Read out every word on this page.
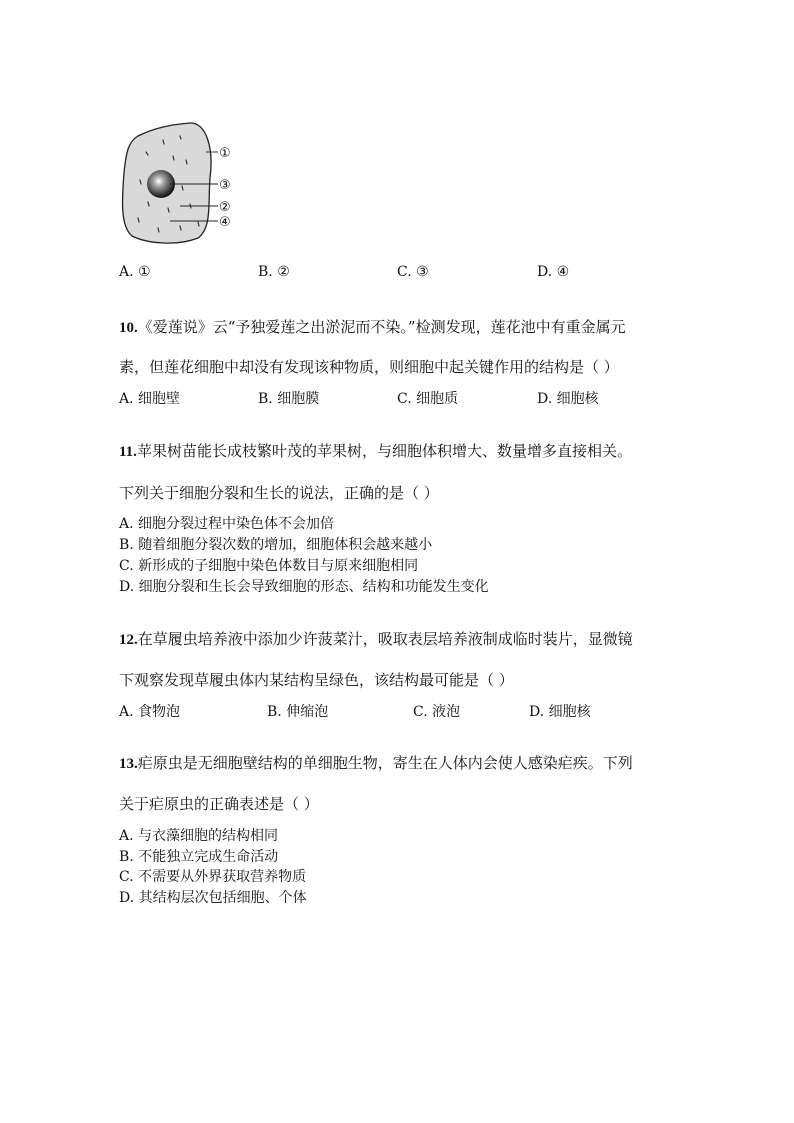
①
③
②
④
A. ①	B. ②	C. ③	D. ④
10.《爱莲说》云“予独爱莲之出淤泥而不染。”检测发现，莲花池中有重金属元
素，但莲花细胞中却没有发现该种物质，则细胞中起关键作用的结构是（ ）
A. 细胞壁	B. 细胞膜	C. 细胞质	D. 细胞核
11.苹果树苗能长成枝繁叶茂的苹果树，与细胞体积增大、数量增多直接相关。
下列关于细胞分裂和生长的说法，正确的是（ ）
A. 细胞分裂过程中染色体不会加倍
B. 随着细胞分裂次数的增加，细胞体积会越来越小
C. 新形成的子细胞中染色体数目与原来细胞相同
D. 细胞分裂和生长会导致细胞的形态、结构和功能发生变化
12.在草履虫培养液中添加少许菠菜汁，吸取表层培养液制成临时装片，显微镜
下观察发现草履虫体内某结构呈绿色，该结构最可能是（ ）
A. 食物泡	B. 伸缩泡	C. 液泡	D. 细胞核
13.疟原虫是无细胞壁结构的单细胞生物，寄生在人体内会使人感染疟疾。下列
关于疟原虫的正确表述是（ ）
A. 与衣藻细胞的结构相同
B. 不能独立完成生命活动
C. 不需要从外界获取营养物质
D. 其结构层次包括细胞、个体
